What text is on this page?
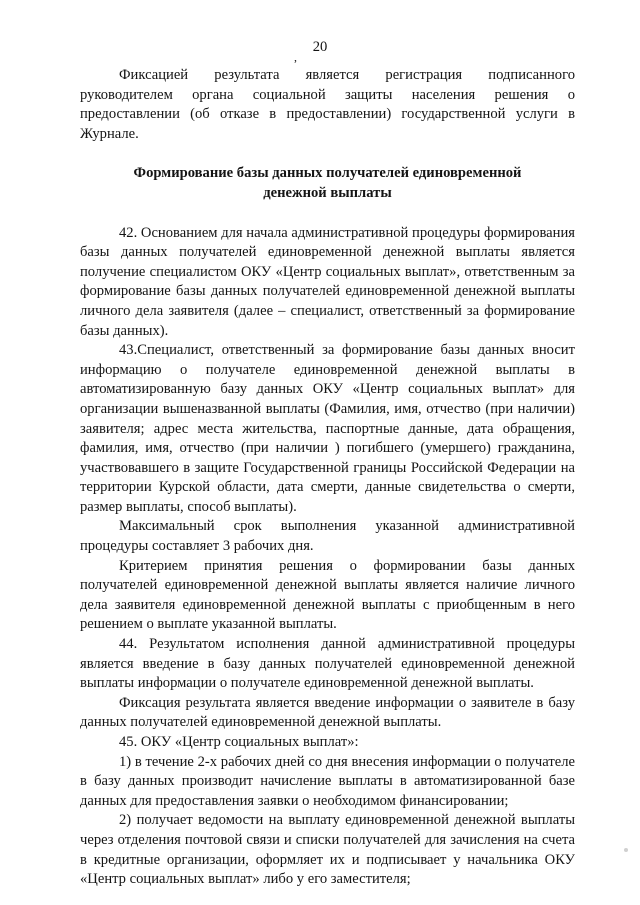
20
,

Фиксацией результата является регистрация подписанного руководителем органа социальной защиты населения решения о предоставлении (об отказе в предоставлении) государственной услуги в Журнале.

Формирование базы данных получателей единовременной денежной выплаты

42. Основанием для начала административной процедуры формирования базы данных получателей единовременной денежной выплаты является получение специалистом ОКУ «Центр социальных выплат», ответственным за формирование базы данных получателей единовременной денежной выплаты личного дела заявителя (далее – специалист, ответственный за формирование базы данных).

43.Специалист, ответственный за формирование базы данных вносит информацию о получателе единовременной денежной выплаты в автоматизированную базу данных ОКУ «Центр социальных выплат» для организации вышеназванной выплаты (Фамилия, имя, отчество (при наличии) заявителя; адрес места жительства, паспортные данные, дата обращения, фамилия, имя, отчество (при наличии ) погибшего (умершего) гражданина, участвовавшего в защите Государственной границы Российской Федерации на территории Курской области, дата смерти, данные свидетельства о смерти, размер выплаты, способ выплаты).

Максимальный срок выполнения указанной административной процедуры составляет 3 рабочих дня.

Критерием принятия решения о формировании базы данных получателей единовременной денежной выплаты является наличие личного дела заявителя единовременной денежной выплаты с приобщенным в него решением о выплате указанной выплаты.

44. Результатом исполнения данной административной процедуры является введение в базу данных получателей единовременной денежной выплаты информации о получателе единовременной денежной выплаты.

Фиксация результата является введение информации о заявителе в базу данных получателей единовременной денежной выплаты.

45. ОКУ «Центр социальных выплат»:

1) в течение 2-х рабочих дней со дня внесения информации о получателе в базу данных производит начисление выплаты в автоматизированной базе данных для предоставления заявки о необходимом финансировании;

2) получает ведомости на выплату единовременной денежной выплаты через отделения почтовой связи и списки получателей для зачисления на счета в кредитные организации, оформляет их и подписывает у начальника ОКУ «Центр социальных выплат» либо у его заместителя;
